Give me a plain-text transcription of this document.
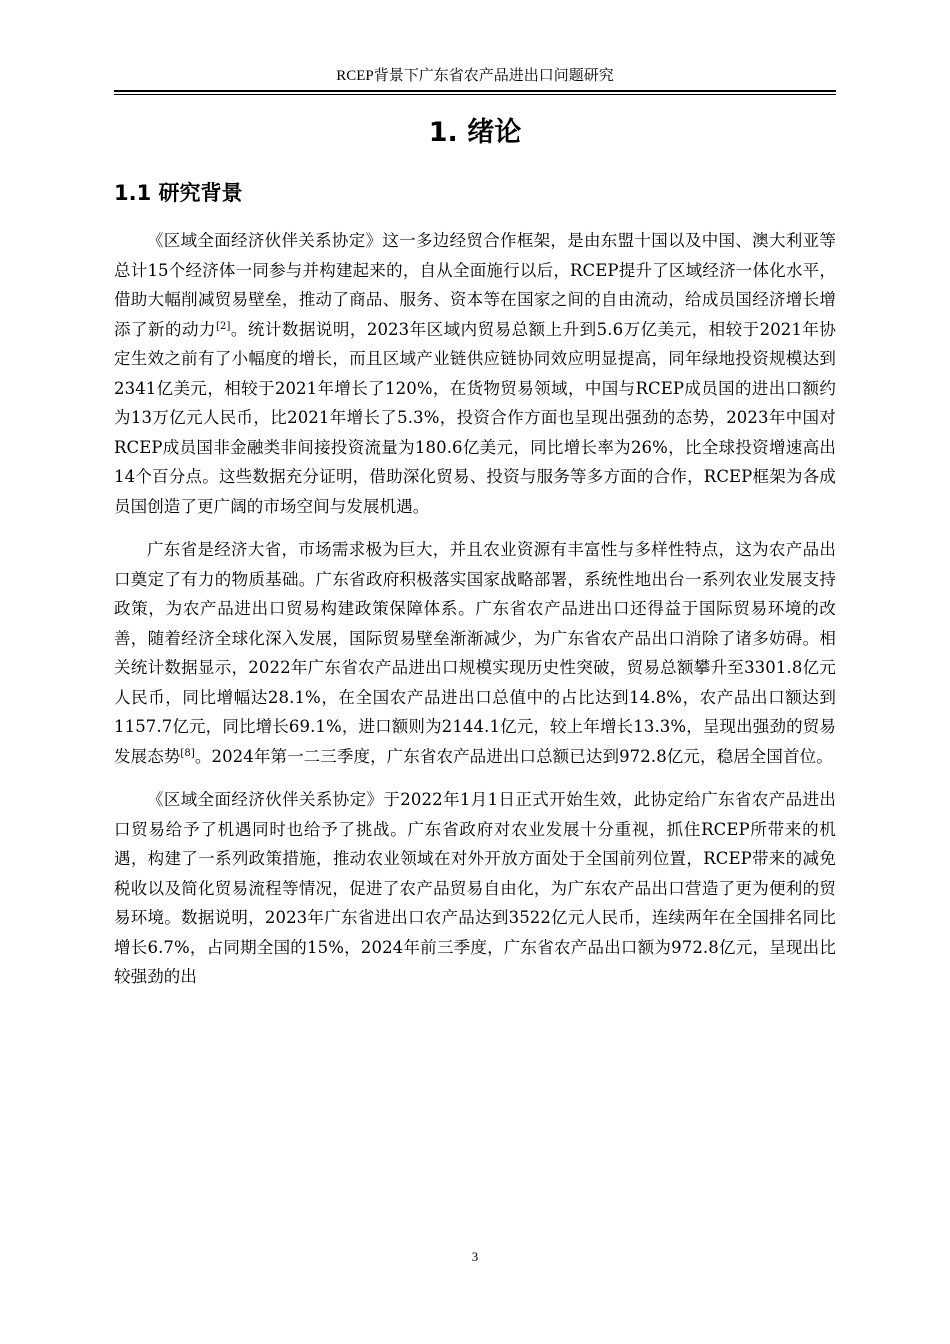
RCEP背景下广东省农产品进出口问题研究
1. 绪论
1.1 研究背景

《区域全面经济伙伴关系协定》这一多边经贸合作框架，是由东盟十国以及中国、澳大利亚等总计15个经济体一同参与并构建起来的，自从全面施行以后，RCEP提升了区域经济一体化水平，借助大幅削减贸易壁垒，推动了商品、服务、资本等在国家之间的自由流动，给成员国经济增长增添了新的动力[2]。统计数据说明，2023年区域内贸易总额上升到5.6万亿美元，相较于2021年协定生效之前有了小幅度的增长，而且区域产业链供应链协同效应明显提高，同年绿地投资规模达到2341亿美元，相较于2021年增长了120%，在货物贸易领域，中国与RCEP成员国的进出口额约为13万亿元人民币，比2021年增长了5.3%，投资合作方面也呈现出强劲的态势，2023年中国对RCEP成员国非金融类非间接投资流量为180.6亿美元，同比增长率为26%，比全球投资增速高出14个百分点。这些数据充分证明，借助深化贸易、投资与服务等多方面的合作，RCEP框架为各成员国创造了更广阔的市场空间与发展机遇。

广东省是经济大省，市场需求极为巨大，并且农业资源有丰富性与多样性特点，这为农产品出口奠定了有力的物质基础。广东省政府积极落实国家战略部署，系统性地出台一系列农业发展支持政策，为农产品进出口贸易构建政策保障体系。广东省农产品进出口还得益于国际贸易环境的改善，随着经济全球化深入发展，国际贸易壁垒渐渐减少，为广东省农产品出口消除了诸多妨碍。相关统计数据显示，2022年广东省农产品进出口规模实现历史性突破，贸易总额攀升至3301.8亿元人民币，同比增幅达28.1%，在全国农产品进出口总值中的占比达到14.8%，农产品出口额达到1157.7亿元，同比增长69.1%，进口额则为2144.1亿元，较上年增长13.3%，呈现出强劲的贸易发展态势[8]。2024年第一二三季度，广东省农产品进出口总额已达到972.8亿元，稳居全国首位。

《区域全面经济伙伴关系协定》于2022年1月1日正式开始生效，此协定给广东省农产品进出口贸易给予了机遇同时也给予了挑战。广东省政府对农业发展十分重视，抓住RCEP所带来的机遇，构建了一系列政策措施，推动农业领域在对外开放方面处于全国前列位置，RCEP带来的减免税收以及简化贸易流程等情况，促进了农产品贸易自由化，为广东农产品出口营造了更为便利的贸易环境。数据说明，2023年广东省进出口农产品达到3522亿元人民币，连续两年在全国排名同比增长6.7%，占同期全国的15%，2024年前三季度，广东省农产品出口额为972.8亿元，呈现出比较强劲的出

3
